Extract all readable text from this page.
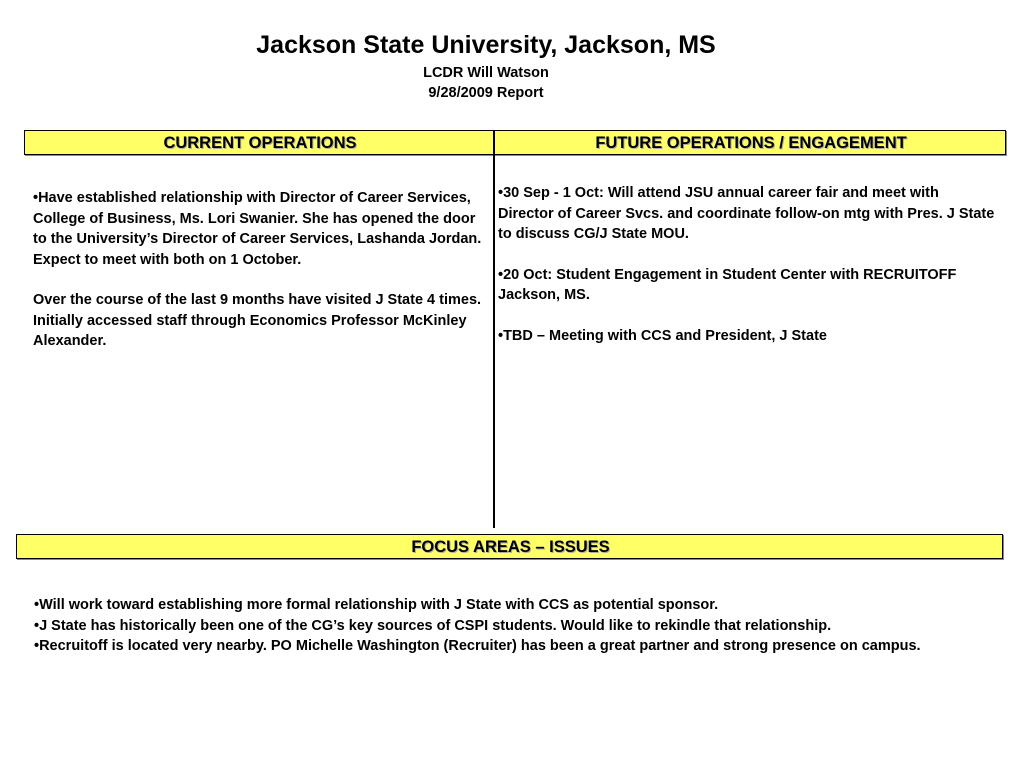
Jackson State University, Jackson, MS
LCDR Will Watson
9/28/2009 Report
CURRENT OPERATIONS	FUTURE OPERATIONS / ENGAGEMENT

•Have established relationship with Director of Career Services, College of Business, Ms. Lori Swanier. She has opened the door to the University’s Director of Career Services, Lashanda Jordan. Expect to meet with both on 1 October.

Over the course of the last 9 months have visited J State 4 times. Initially accessed staff through Economics Professor McKinley Alexander.

•30 Sep - 1 Oct: Will attend JSU annual career fair and meet with Director of Career Svcs. and coordinate follow-on mtg with Pres. J State to discuss CG/J State MOU.

•20 Oct: Student Engagement in Student Center with RECRUITOFF Jackson, MS.

•TBD – Meeting with CCS and President, J State

FOCUS AREAS – ISSUES
•Will work toward establishing more formal relationship with J State with CCS as potential sponsor.
•J State has historically been one of the CG’s key sources of CSPI students. Would like to rekindle that relationship.
•Recruitoff is located very nearby. PO Michelle Washington (Recruiter) has been a great partner and strong presence on campus.
